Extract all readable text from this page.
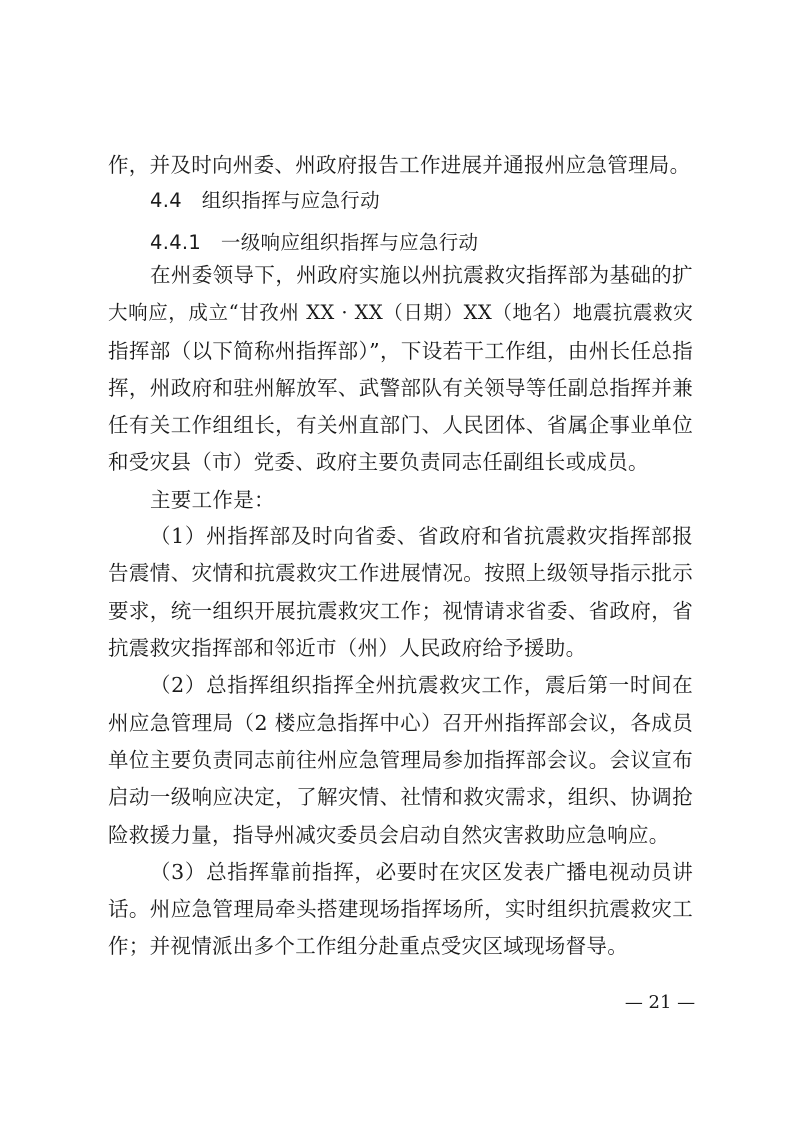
作，并及时向州委、州政府报告工作进展并通报州应急管理局。
4.4　组织指挥与应急行动
4.4.1　一级响应组织指挥与应急行动
在州委领导下，州政府实施以州抗震救灾指挥部为基础的扩
大响应，成立“甘孜州 XX · XX（日期）XX（地名）地震抗震救灾
指挥部（以下简称州指挥部）”，下设若干工作组，由州长任总指
挥，州政府和驻州解放军、武警部队有关领导等任副总指挥并兼
任有关工作组组长，有关州直部门、人民团体、省属企事业单位
和受灾县（市）党委、政府主要负责同志任副组长或成员。
主要工作是：
（1）州指挥部及时向省委、省政府和省抗震救灾指挥部报
告震情、灾情和抗震救灾工作进展情况。按照上级领导指示批示
要求，统一组织开展抗震救灾工作；视情请求省委、省政府，省
抗震救灾指挥部和邻近市（州）人民政府给予援助。
（2）总指挥组织指挥全州抗震救灾工作，震后第一时间在
州应急管理局（2 楼应急指挥中心）召开州指挥部会议，各成员
单位主要负责同志前往州应急管理局参加指挥部会议。会议宣布
启动一级响应决定，了解灾情、社情和救灾需求，组织、协调抢
险救援力量，指导州减灾委员会启动自然灾害救助应急响应。
（3）总指挥靠前指挥，必要时在灾区发表广播电视动员讲
话。州应急管理局牵头搭建现场指挥场所，实时组织抗震救灾工
作；并视情派出多个工作组分赴重点受灾区域现场督导。
— 21 —
